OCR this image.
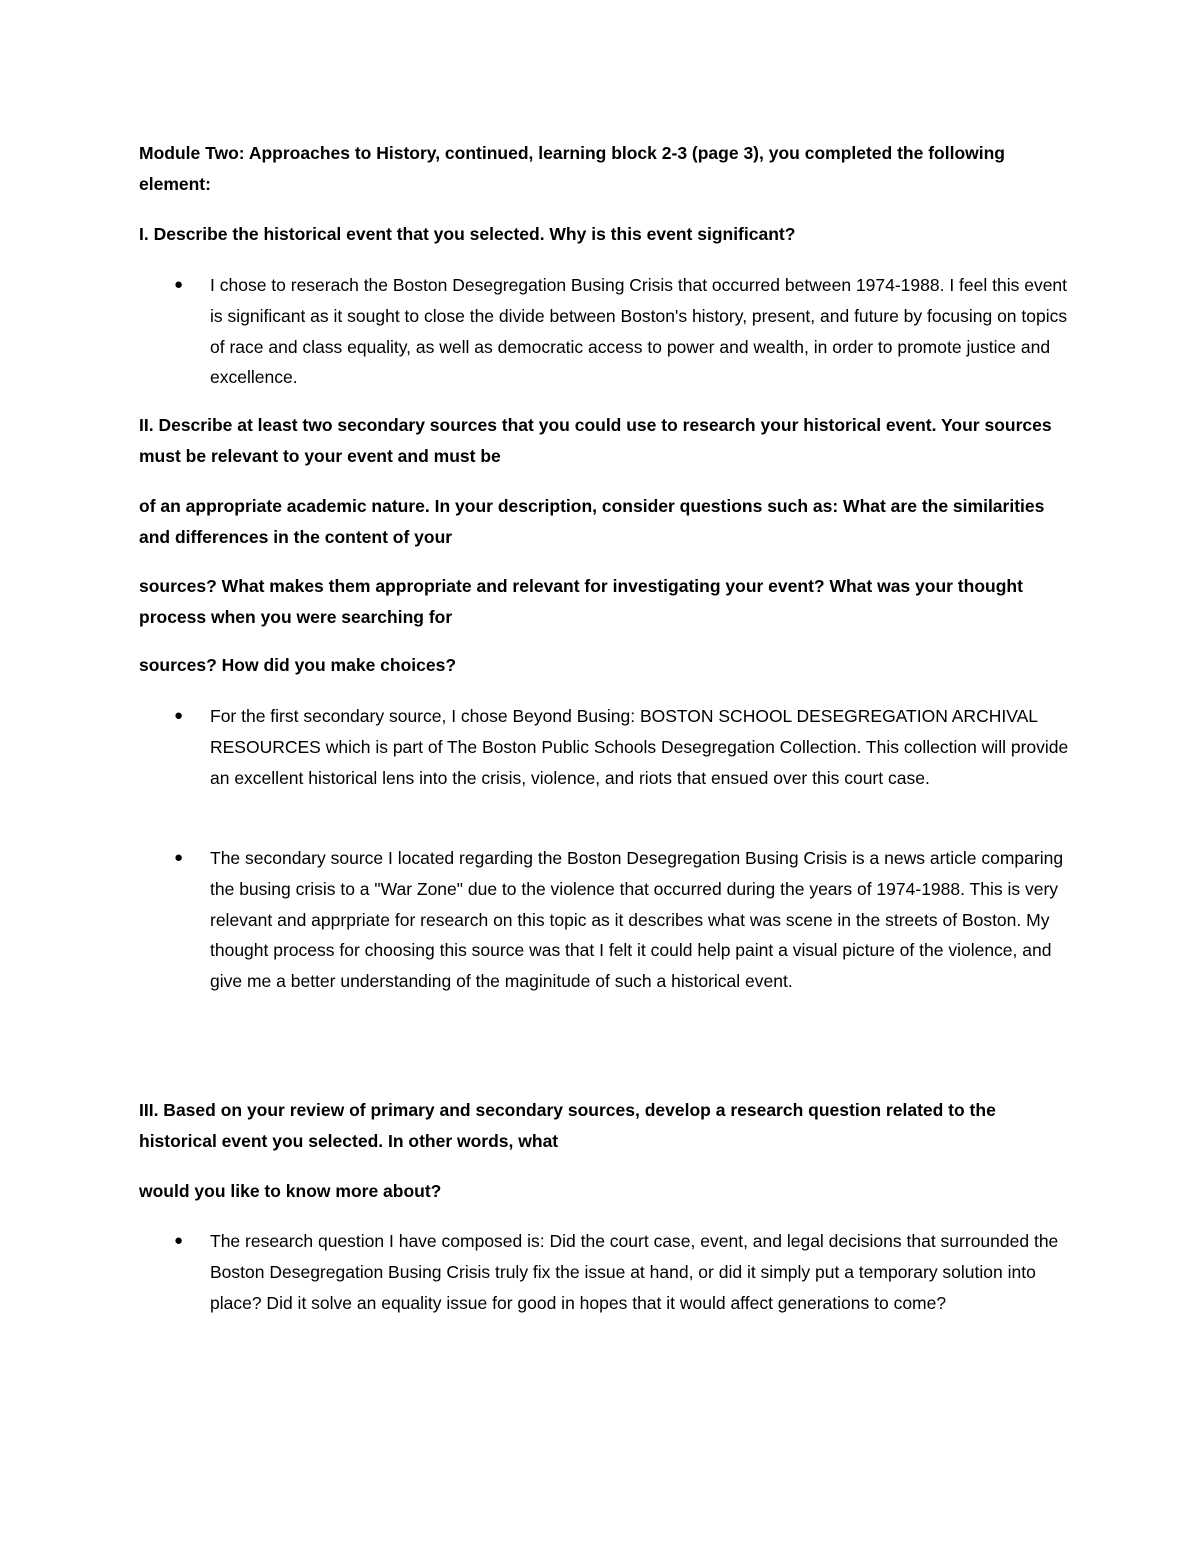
Module Two: Approaches to History, continued, learning block 2-3 (page 3), you completed the following element:

I. Describe the historical event that you selected. Why is this event significant?

● I chose to reserach the Boston Desegregation Busing Crisis that occurred between 1974-1988. I feel this event is significant as it sought to close the divide between Boston's history, present, and future by focusing on topics of race and class equality, as well as democratic access to power and wealth, in order to promote justice and excellence.

II. Describe at least two secondary sources that you could use to research your historical event. Your sources must be relevant to your event and must be

of an appropriate academic nature. In your description, consider questions such as: What are the similarities and differences in the content of your

sources? What makes them appropriate and relevant for investigating your event? What was your thought process when you were searching for

sources? How did you make choices?

● For the first secondary source, I chose Beyond Busing: BOSTON SCHOOL DESEGREGATION ARCHIVAL RESOURCES which is part of The Boston Public Schools Desegregation Collection. This collection will provide an excellent historical lens into the crisis, violence, and riots that ensued over this court case.
● The secondary source I located regarding the Boston Desegregation Busing Crisis is a news article comparing the busing crisis to a "War Zone" due to the violence that occurred during the years of 1974-1988. This is very relevant and apprpriate for research on this topic as it describes what was scene in the streets of Boston. My thought process for choosing this source was that I felt it could help paint a visual picture of the violence, and give me a better understanding of the maginitude of such a historical event.

III. Based on your review of primary and secondary sources, develop a research question related to the historical event you selected. In other words, what

would you like to know more about?

● The research question I have composed is: Did the court case, event, and legal decisions that surrounded the Boston Desegregation Busing Crisis truly fix the issue at hand, or did it simply put a temporary solution into place? Did it solve an equality issue for good in hopes that it would affect generations to come?
